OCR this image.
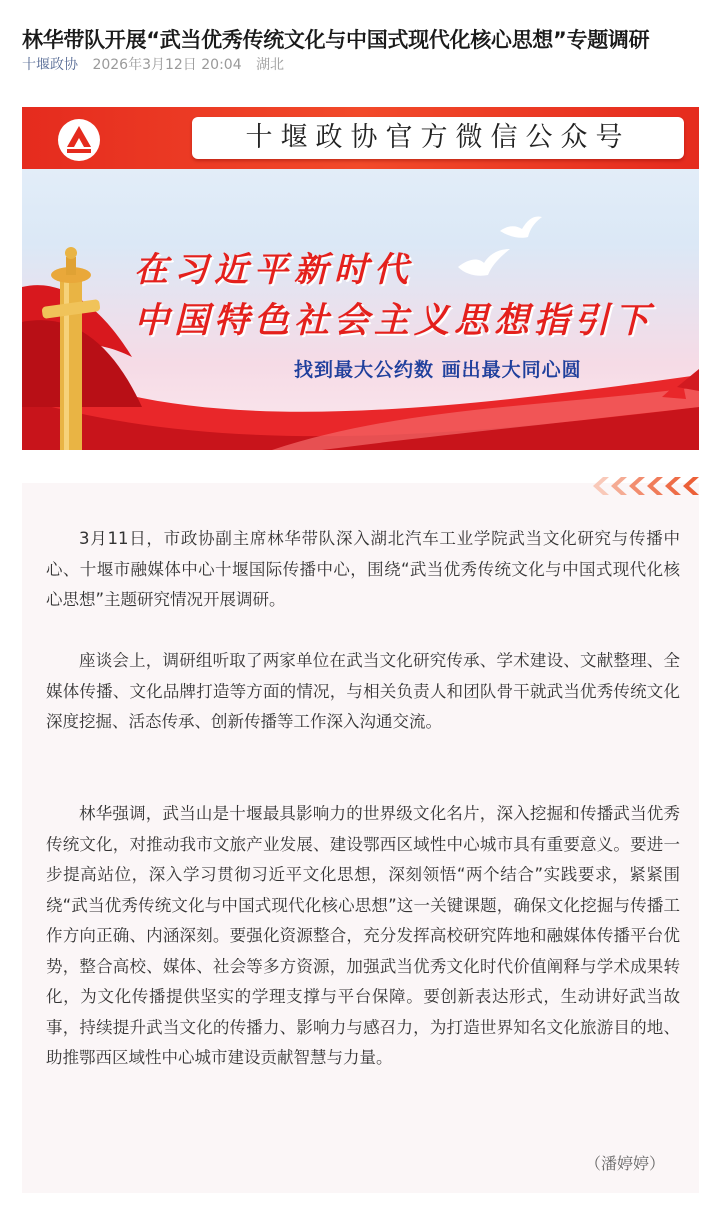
林华带队开展“武当优秀传统文化与中国式现代化核心思想”专题调研
十堰政协 2026年3月12日 20:04 湖北
十堰政协官方微信公众号
在习近平新时代
中国特色社会主义思想指引下
找到最大公约数 画出最大同心圆

3月11日，市政协副主席林华带队深入湖北汽车工业学院武当文化研究与传播中心、十堰市融媒体中心十堰国际传播中心，围绕“武当优秀传统文化与中国式现代化核心思想”主题研究情况开展调研。

座谈会上，调研组听取了两家单位在武当文化研究传承、学术建设、文献整理、全媒体传播、文化品牌打造等方面的情况，与相关负责人和团队骨干就武当优秀传统文化深度挖掘、活态传承、创新传播等工作深入沟通交流。

林华强调，武当山是十堰最具影响力的世界级文化名片，深入挖掘和传播武当优秀传统文化，对推动我市文旅产业发展、建设鄂西区域性中心城市具有重要意义。要进一步提高站位，深入学习贯彻习近平文化思想，深刻领悟“两个结合”实践要求，紧紧围绕“武当优秀传统文化与中国式现代化核心思想”这一关键课题，确保文化挖掘与传播工作方向正确、内涵深刻。要强化资源整合，充分发挥高校研究阵地和融媒体传播平台优势，整合高校、媒体、社会等多方资源，加强武当优秀文化时代价值阐释与学术成果转化，为文化传播提供坚实的学理支撑与平台保障。要创新表达形式，生动讲好武当故事，持续提升武当文化的传播力、影响力与感召力，为打造世界知名文化旅游目的地、助推鄂西区域性中心城市建设贡献智慧与力量。

（潘婷婷）
